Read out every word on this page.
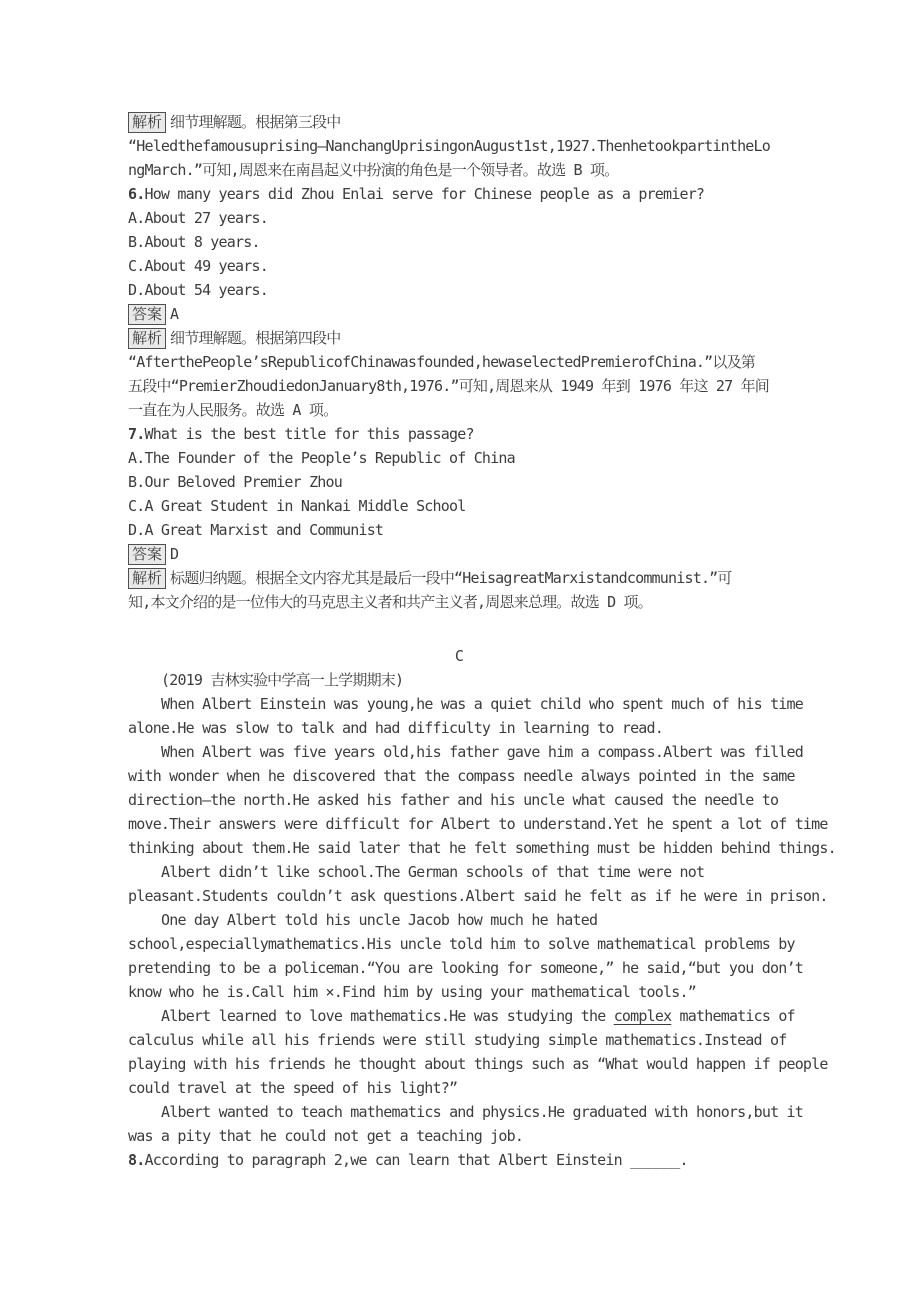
解析 细节理解题。根据第三段中
“Heledthefamousuprising—NanchangUprisingonAugust1st,1927.ThenhetookpartintheLo
ngMarch.”可知,周恩来在南昌起义中扮演的角色是一个领导者。故选 B 项。
6.How many years did Zhou Enlai serve for Chinese people as a premier?
A.About 27 years.
B.About 8 years.
C.About 49 years.
D.About 54 years.
答案 A
解析 细节理解题。根据第四段中
“AfterthePeople’sRepublicofChinawasfounded,hewaselectedPremierofChina.”以及第
五段中“PremierZhoudiedonJanuary8th,1976.”可知,周恩来从 1949 年到 1976 年这 27 年间
一直在为人民服务。故选 A 项。
7.What is the best title for this passage?
A.The Founder of the People’s Republic of China
B.Our Beloved Premier Zhou
C.A Great Student in Nankai Middle School
D.A Great Marxist and Communist
答案 D
解析 标题归纳题。根据全文内容尤其是最后一段中“HeisagreatMarxistandcommunist.”可
知,本文介绍的是一位伟大的马克思主义者和共产主义者,周恩来总理。故选 D 项。
C
(2019 吉林实验中学高一上学期期末)
When Albert Einstein was young,he was a quiet child who spent much of his time
alone.He was slow to talk and had difficulty in learning to read.
When Albert was five years old,his father gave him a compass.Albert was filled
with wonder when he discovered that the compass needle always pointed in the same
direction—the north.He asked his father and his uncle what caused the needle to
move.Their answers were difficult for Albert to understand.Yet he spent a lot of time
thinking about them.He said later that he felt something must be hidden behind things.
Albert didn’t like school.The German schools of that time were not
pleasant.Students couldn’t ask questions.Albert said he felt as if he were in prison.
One day Albert told his uncle Jacob how much he hated
school,especiallymathematics.His uncle told him to solve mathematical problems by
pretending to be a policeman.“You are looking for someone,” he said,“but you don’t
know who he is.Call him ×.Find him by using your mathematical tools.”
Albert learned to love mathematics.He was studying the complex mathematics of
calculus while all his friends were still studying simple mathematics.Instead of
playing with his friends he thought about things such as “What would happen if people
could travel at the speed of his light?”
Albert wanted to teach mathematics and physics.He graduated with honors,but it
was a pity that he could not get a teaching job.
8.According to paragraph 2,we can learn that Albert Einstein ______.
